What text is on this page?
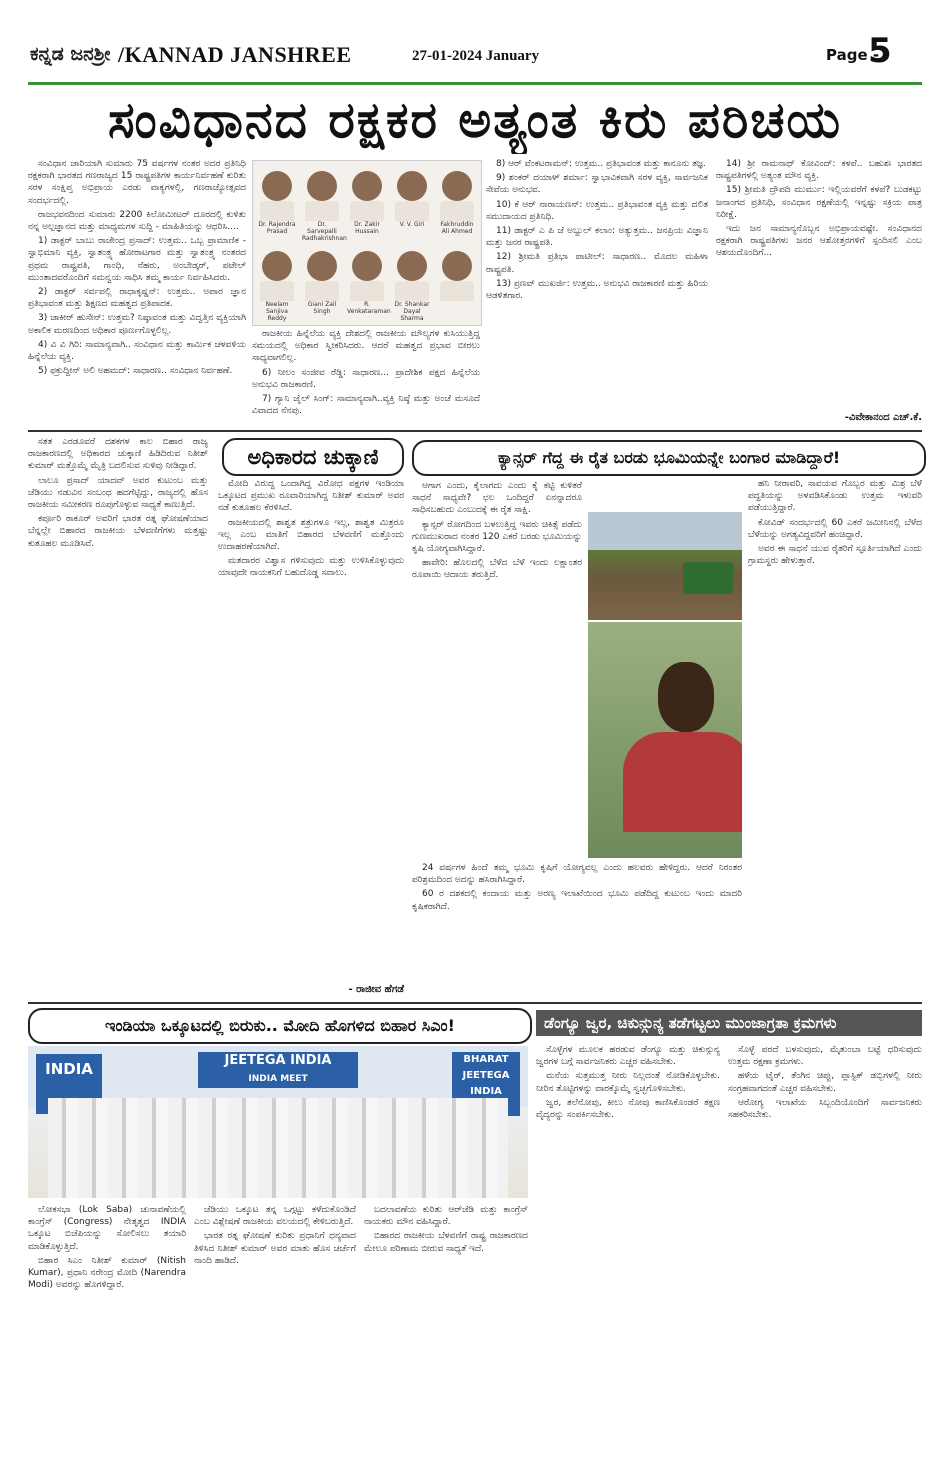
ಕನ್ನಡ ಜನಶ್ರೀ /KANNAD JANSHREE	27-01-2024 January	Page -
5
ಸಂವಿಧಾನದ ರಕ್ಷಕರ ಅತ್ಯಂತ ಕಿರು ಪರಿಚಯ

ಸಂವಿಧಾನ ಜಾರಿಯಾಗಿ ಸುಮಾರು 75 ವರ್ಷಗಳ ನಂತರ ಅದರ ಪ್ರತಿನಿಧಿ ರಕ್ಷಕರಾಗಿ ಭಾರತದ ಗಣರಾಜ್ಯದ 15 ರಾಷ್ಟ್ರಪತಿಗಳ ಕಾರ್ಯನಿರ್ವಹಣೆ ಕುರಿತು ಸರಳ ಸಂಕ್ಷಿಪ್ತ ಅಭಿಪ್ರಾಯ ಎರಡು ವಾಕ್ಯಗಳಲ್ಲಿ, ಗಣರಾಜ್ಯೋತ್ಸವದ ಸಂದರ್ಭದಲ್ಲಿ.

ರಾಜಭವನದಿಂದ ಸುಮಾರು 2200 ಕಿಲೋಮೀಟರ್ ದೂರದಲ್ಲಿ ಕುಳಿತು ನನ್ನ ಅಲ್ಪಜ್ಞಾನದ ಮತ್ತು ಮಾಧ್ಯಮಗಳ ಸುದ್ದಿ - ಮಾಹಿತಿಯನ್ನು ಆಧರಿಸಿ....

1) ಡಾಕ್ಟರ್ ಬಾಬು ರಾಜೇಂದ್ರ ಪ್ರಸಾದ್: ಉತ್ತಮ.. ಒಬ್ಬ ಪ್ರಾಮಾಣಿಕ - ಸ್ವಾಭಿಮಾನಿ ವ್ಯಕ್ತಿ, ಸ್ವಾತಂತ್ರ್ಯ ಹೋರಾಟಗಾರ ಮತ್ತು ಸ್ವಾತಂತ್ರ್ಯ ನಂತರದ ಪ್ರಥಮ ರಾಷ್ಟ್ರಪತಿ, ಗಾಂಧಿ, ನೆಹರು, ಅಂಬೇಡ್ಕರ್, ಪಟೇಲ್ ಮುಂತಾದವರೊಂದಿಗೆ ಸಮನ್ವಯ ಸಾಧಿಸಿ ತಮ್ಮ ಕಾರ್ಯ ನಿರ್ವಹಿಸಿದರು.

2) ಡಾಕ್ಟರ್ ಸರ್ವಪಲ್ಲಿ ರಾಧಾಕೃಷ್ಣನ್: ಉತ್ತಮ.. ಅಪಾರ ಜ್ಞಾನ ಪ್ರತಿಭಾವಂತ ಮತ್ತು ಶಿಕ್ಷಣದ ಮಹತ್ವದ ಪ್ರತಿಪಾದಕ.

3) ಜಾಕೀರ್ ಹುಸೇನ್: ಉತ್ತಮ? ನಿಷ್ಠಾವಂತ ಮತ್ತು ವಿದ್ವತ್ತಿನ ವ್ಯಕ್ತಿಯಾಗಿ ಅಕಾಲಿಕ ಮರಣದಿಂದ ಅಧಿಕಾರ ಪೂರ್ಣಗೊಳ್ಳಲಿಲ್ಲ.

4) ವಿ ವಿ ಗಿರಿ: ಸಾಮಾನ್ಯವಾಗಿ.. ಸಂವಿಧಾನ ಮತ್ತು ಕಾರ್ಮಿಕ ಚಳವಳಿಯ ಹಿನ್ನೆಲೆಯ ವ್ಯಕ್ತಿ.

5) ಫಕ್ರುದ್ದೀನ್ ಅಲಿ ಅಹಮದ್: ಸಾಧಾರಣ.. ಸಂವಿಧಾನ ನಿರ್ವಹಣೆ.

Dr. Rajendra Prasad
Dr. Sarvepalli Radhakrishnan
Dr. Zakir Hussain
V. V. Giri	Fakhruddin Ali Ahmed
Neelam Sanjiva Reddy
Giani Zail Singh
R. Venkataraman
Dr. Shankar Dayal Sharma

ರಾಜಕೀಯ ಹಿನ್ನೆಲೆಯ ವ್ಯಕ್ತಿ ದೇಶದಲ್ಲಿ ರಾಜಕೀಯ ಮೌಲ್ಯಗಳ ಕುಸಿಯುತ್ತಿದ್ದ ಸಮಯದಲ್ಲಿ ಅಧಿಕಾರ ಸ್ವೀಕರಿಸಿದರು. ಆದರೆ ಮಹತ್ವದ ಪ್ರಭಾವ ಬೀರಲು ಸಾಧ್ಯವಾಗಲಿಲ್ಲ.

6) ನೀಲಂ ಸಂಜೀವ ರೆಡ್ಡಿ: ಸಾಧಾರಣ... ಪ್ರಾದೇಶಿಕ ಪಕ್ಷದ ಹಿನ್ನೆಲೆಯ ಅನುಭವಿ ರಾಜಕಾರಣಿ.

7) ಗ್ಯಾನಿ ಜೈಲ್ ಸಿಂಗ್: ಸಾಮಾನ್ಯವಾಗಿ..ವ್ಯಕ್ತಿ ನಿಷ್ಠೆ ಮತ್ತು ಅಂಚೆ ಮಸೂದೆ ವಿವಾದದ ನೆನಪು.

8) ಆರ್ ವೆಂಕಟರಾಮನ್: ಉತ್ತಮ.. ಪ್ರತಿಭಾವಂತ ಮತ್ತು ಕಾನೂನು ತಜ್ಞ.

9) ಶಂಕರ್ ದಯಾಳ್ ಶರ್ಮಾ: ಸ್ವಾಭಾವಿಕವಾಗಿ ಸರಳ ವ್ಯಕ್ತಿ, ಸಾರ್ವಜನಿಕ ಸೇವೆಯ ಅನುಭವ.

10) ಕೆ ಆರ್ ನಾರಾಯಣನ್: ಉತ್ತಮ.. ಪ್ರತಿಭಾವಂತ ವ್ಯಕ್ತಿ ಮತ್ತು ದಲಿತ ಸಮುದಾಯದ ಪ್ರತಿನಿಧಿ.

11) ಡಾಕ್ಟರ್ ಎ ಪಿ ಜೆ ಅಬ್ದುಲ್ ಕಲಾಂ: ಅತ್ಯುತ್ತಮ.. ಜನಪ್ರಿಯ ವಿಜ್ಞಾನಿ ಮತ್ತು ಜನರ ರಾಷ್ಟ್ರಪತಿ.

12) ಶ್ರೀಮತಿ ಪ್ರತಿಭಾ ಪಾಟೀಲ್: ಸಾಧಾರಣ.. ಮೊದಲ ಮಹಿಳಾ ರಾಷ್ಟ್ರಪತಿ.

13) ಪ್ರಣವ್ ಮುಖರ್ಜಿ: ಉತ್ತಮ.. ಅನುಭವಿ ರಾಜಕಾರಣಿ ಮತ್ತು ಹಿರಿಯ ಆಡಳಿತಗಾರ.

14) ಶ್ರೀ ರಾಮನಾಥ್ ಕೋವಿಂದ್: ಕಳಪೆ.. ಬಹುಶಃ ಭಾರತದ ರಾಷ್ಟ್ರಪತಿಗಳಲ್ಲಿ ಅತ್ಯಂತ ಮೌನ ವ್ಯಕ್ತಿ.

15) ಶ್ರೀಮತಿ ದ್ರೌಪದಿ ಮುರ್ಮು: ಇಲ್ಲಿಯವರೆಗೆ ಕಳಪೆ? ಬುಡಕಟ್ಟು ಜನಾಂಗದ ಪ್ರತಿನಿಧಿ, ಸಂವಿಧಾನ ರಕ್ಷಣೆಯಲ್ಲಿ ಇನ್ನಷ್ಟು ಸಕ್ರಿಯ ಪಾತ್ರ ನಿರೀಕ್ಷೆ.

ಇದು ಜನ ಸಾಮಾನ್ಯನೊಬ್ಬನ ಅಭಿಪ್ರಾಯವಷ್ಟೇ. ಸಂವಿಧಾನದ ರಕ್ಷಕರಾಗಿ ರಾಷ್ಟ್ರಪತಿಗಳು ಜನರ ಆಶೋತ್ತರಗಳಿಗೆ ಸ್ಪಂದಿಸಲಿ ಎಂಬ ಆಶಯದೊಂದಿಗೆ...

-ವಿವೇಕಾನಂದ ಎಚ್.ಕೆ.

ಸತತ ಎರಡೂವರೆ ದಶಕಗಳ ಕಾಲ ಬಿಹಾರ ರಾಜ್ಯ ರಾಜಕಾರಣದಲ್ಲಿ ಅಧಿಕಾರದ ಚುಕ್ಕಾಣಿ ಹಿಡಿದಿರುವ ನಿತೀಶ್ ಕುಮಾರ್ ಮತ್ತೊಮ್ಮೆ ಮೈತ್ರಿ ಬದಲಿಸುವ ಸುಳಿವು ನೀಡಿದ್ದಾರೆ.

ಲಾಲೂ ಪ್ರಸಾದ್ ಯಾದವ್ ಅವರ ಕುಟುಂಬ ಮತ್ತು ಜೆಡಿಯು ನಡುವಿನ ಸಂಬಂಧ ಹದಗೆಟ್ಟಿದ್ದು, ರಾಜ್ಯದಲ್ಲಿ ಹೊಸ ರಾಜಕೀಯ ಸಮೀಕರಣ ರೂಪುಗೊಳ್ಳುವ ಸಾಧ್ಯತೆ ಕಾಣುತ್ತಿದೆ.

ಕರ್ಪೂರಿ ಠಾಕೂರ್ ಅವರಿಗೆ ಭಾರತ ರತ್ನ ಘೋಷಣೆಯಾದ ಬೆನ್ನಲ್ಲೇ ಬಿಹಾರದ ರಾಜಕೀಯ ಬೆಳವಣಿಗೆಗಳು ಮತ್ತಷ್ಟು ಕುತೂಹಲ ಮೂಡಿಸಿವೆ.

ಅಧಿಕಾರದ ಚುಕ್ಕಾಣಿ

ಮೋದಿ ವಿರುದ್ಧ ಒಂದಾಗಿದ್ದ ವಿರೋಧ ಪಕ್ಷಗಳ ಇಂಡಿಯಾ ಒಕ್ಕೂಟದ ಪ್ರಮುಖ ರೂವಾರಿಯಾಗಿದ್ದ ನಿತೀಶ್ ಕುಮಾರ್ ಅವರ ನಡೆ ಕುತೂಹಲ ಕೆರಳಿಸಿದೆ.

ರಾಜಕೀಯದಲ್ಲಿ ಶಾಶ್ವತ ಶತ್ರುಗಳೂ ಇಲ್ಲ, ಶಾಶ್ವತ ಮಿತ್ರರೂ ಇಲ್ಲ ಎಂಬ ಮಾತಿಗೆ ಬಿಹಾರದ ಬೆಳವಣಿಗೆ ಮತ್ತೊಂದು ಉದಾಹರಣೆಯಾಗಿದೆ.

ಮತದಾರರ ವಿಶ್ವಾಸ ಗಳಿಸುವುದು ಮತ್ತು ಉಳಿಸಿಕೊಳ್ಳುವುದು ಯಾವುದೇ ನಾಯಕನಿಗೆ ಬಹುದೊಡ್ಡ ಸವಾಲು.

- ರಾಜೀವ ಹೆಗಡೆ
ಕ್ಯಾನ್ಸರ್ ಗೆದ್ದ ಈ ರೈತ ಬರಡು ಭೂಮಿಯನ್ನೇ ಬಂಗಾರ ಮಾಡಿದ್ದಾರೆ!

ಆಗಾಗ ಎಂದು, ಕೈಲಾಗದು ಎಂದು ಕೈ ಕಟ್ಟಿ ಕುಳಿತರೆ ಸಾಧನೆ ಸಾಧ್ಯವೇ? ಛಲ ಒಂದಿದ್ದರೆ ಏನನ್ನಾದರೂ ಸಾಧಿಸಬಹುದು ಎಂಬುದಕ್ಕೆ ಈ ರೈತ ಸಾಕ್ಷಿ.

ಕ್ಯಾನ್ಸರ್ ರೋಗದಿಂದ ಬಳಲುತ್ತಿದ್ದ ಇವರು ಚಿಕಿತ್ಸೆ ಪಡೆದು ಗುಣಮುಖರಾದ ನಂತರ 120 ಎಕರೆ ಬರಡು ಭೂಮಿಯನ್ನು ಕೃಷಿ ಯೋಗ್ಯವಾಗಿಸಿದ್ದಾರೆ.

ಹಾವೇರಿ: ಹೊಲದಲ್ಲಿ ಬೆಳೆದ ಬೆಳೆ ಇಂದು ಲಕ್ಷಾಂತರ ರೂಪಾಯಿ ಆದಾಯ ತರುತ್ತಿದೆ.

24 ವರ್ಷಗಳ ಹಿಂದೆ ತಮ್ಮ ಭೂಮಿ ಕೃಷಿಗೆ ಯೋಗ್ಯವಲ್ಲ ಎಂದು ಹಲವರು ಹೇಳಿದ್ದರು. ಆದರೆ ನಿರಂತರ ಪರಿಶ್ರಮದಿಂದ ಅದನ್ನು ಹಸಿರಾಗಿಸಿದ್ದಾರೆ.

60 ರ ದಶಕದಲ್ಲಿ ಕಂದಾಯ ಮತ್ತು ಅರಣ್ಯ ಇಲಾಖೆಯಿಂದ ಭೂಮಿ ಪಡೆದಿದ್ದ ಕುಟುಂಬ ಇಂದು ಮಾದರಿ ಕೃಷಿಕರಾಗಿದೆ.

ಹನಿ ನೀರಾವರಿ, ಸಾವಯವ ಗೊಬ್ಬರ ಮತ್ತು ಮಿಶ್ರ ಬೆಳೆ ಪದ್ಧತಿಯನ್ನು ಅಳವಡಿಸಿಕೊಂಡು ಉತ್ತಮ ಇಳುವರಿ ಪಡೆಯುತ್ತಿದ್ದಾರೆ.

ಕೋವಿಡ್ ಸಂದರ್ಭದಲ್ಲಿ 60 ಎಕರೆ ಜಮೀನಿನಲ್ಲಿ ಬೆಳೆದ ಬೆಳೆಯನ್ನು ಅಗತ್ಯವಿದ್ದವರಿಗೆ ಹಂಚಿದ್ದಾರೆ.

ಅವರ ಈ ಸಾಧನೆ ಯುವ ರೈತರಿಗೆ ಸ್ಫೂರ್ತಿಯಾಗಿದೆ ಎಂದು ಗ್ರಾಮಸ್ಥರು ಹೇಳುತ್ತಾರೆ.

ಇಂಡಿಯಾ ಒಕ್ಕೂಟದಲ್ಲಿ ಬಿರುಕು.. ಮೋದಿ ಹೊಗಳಿದ ಬಿಹಾರ ಸಿಎಂ!
INDIA	JEETEGA INDIA
INDIA MEET
BHARAT
JEETEGA INDIA

ಲೋಕಸಭಾ (Lok Saba) ಚುನಾವಣೆಯಲ್ಲಿ ಕಾಂಗ್ರೆಸ್ (Congress) ನೇತೃತ್ವದ INDIA ಒಕ್ಕೂಟ ಬಿಜೆಪಿಯನ್ನು ಸೋಲಿಸಲು ತಯಾರಿ ಮಾಡಿಕೊಳ್ಳುತ್ತಿದೆ.

ಬಿಹಾರ ಸಿಎಂ ನಿತೀಶ್ ಕುಮಾರ್ (Nitish Kumar), ಪ್ರಧಾನಿ ನರೇಂದ್ರ ಮೋದಿ (Narendra Modi) ಅವರನ್ನು ಹೊಗಳಿದ್ದಾರೆ.

ಜೆಡಿಯು ಒಕ್ಕೂಟ ತನ್ನ ಒಗ್ಗಟ್ಟು ಕಳೆದುಕೊಂಡಿದೆ ಎಂಬ ವಿಶ್ಲೇಷಣೆ ರಾಜಕೀಯ ವಲಯದಲ್ಲಿ ಕೇಳಿಬರುತ್ತಿದೆ.

ಭಾರತ ರತ್ನ ಘೋಷಣೆ ಕುರಿತು ಪ್ರಧಾನಿಗೆ ಧನ್ಯವಾದ ತಿಳಿಸಿದ ನಿತೀಶ್ ಕುಮಾರ್ ಅವರ ಮಾತು ಹೊಸ ಚರ್ಚೆಗೆ ನಾಂದಿ ಹಾಡಿದೆ.

ಬದಲಾವಣೆಯ ಕುರಿತು ಆರ್‌ಜೆಡಿ ಮತ್ತು ಕಾಂಗ್ರೆಸ್ ನಾಯಕರು ಮೌನ ವಹಿಸಿದ್ದಾರೆ.

ಬಿಹಾರದ ರಾಜಕೀಯ ಬೆಳವಣಿಗೆ ರಾಷ್ಟ್ರ ರಾಜಕಾರಣದ ಮೇಲೂ ಪರಿಣಾಮ ಬೀರುವ ಸಾಧ್ಯತೆ ಇದೆ.

ಡೆಂಗ್ಯೂ ಜ್ವರ, ಚಿಕುನ್ಗುನ್ಯ ತಡೆಗಟ್ಟಲು ಮುಂಜಾಗ್ರತಾ ಕ್ರಮಗಳು

ಸೊಳ್ಳೆಗಳ ಮೂಲಕ ಹರಡುವ ಡೆಂಗ್ಯೂ ಮತ್ತು ಚಿಕುನ್ಗುನ್ಯ ಜ್ವರಗಳ ಬಗ್ಗೆ ಸಾರ್ವಜನಿಕರು ಎಚ್ಚರ ವಹಿಸಬೇಕು.

ಮನೆಯ ಸುತ್ತಮುತ್ತ ನೀರು ನಿಲ್ಲದಂತೆ ನೋಡಿಕೊಳ್ಳಬೇಕು. ನೀರಿನ ತೊಟ್ಟಿಗಳನ್ನು ವಾರಕ್ಕೊಮ್ಮೆ ಸ್ವಚ್ಛಗೊಳಿಸಬೇಕು.

ಜ್ವರ, ತಲೆನೋವು, ಕೀಲು ನೋವು ಕಾಣಿಸಿಕೊಂಡರೆ ತಕ್ಷಣ ವೈದ್ಯರನ್ನು ಸಂಪರ್ಕಿಸಬೇಕು.

ಸೊಳ್ಳೆ ಪರದೆ ಬಳಸುವುದು, ಮೈತುಂಬಾ ಬಟ್ಟೆ ಧರಿಸುವುದು ಉತ್ತಮ ರಕ್ಷಣಾ ಕ್ರಮಗಳು.

ಹಳೆಯ ಟೈರ್, ತೆಂಗಿನ ಚಿಪ್ಪು, ಪ್ಲಾಸ್ಟಿಕ್ ಡಬ್ಬಿಗಳಲ್ಲಿ ನೀರು ಸಂಗ್ರಹವಾಗದಂತೆ ಎಚ್ಚರ ವಹಿಸಬೇಕು.

ಆರೋಗ್ಯ ಇಲಾಖೆಯ ಸಿಬ್ಬಂದಿಯೊಂದಿಗೆ ಸಾರ್ವಜನಿಕರು ಸಹಕರಿಸಬೇಕು.
